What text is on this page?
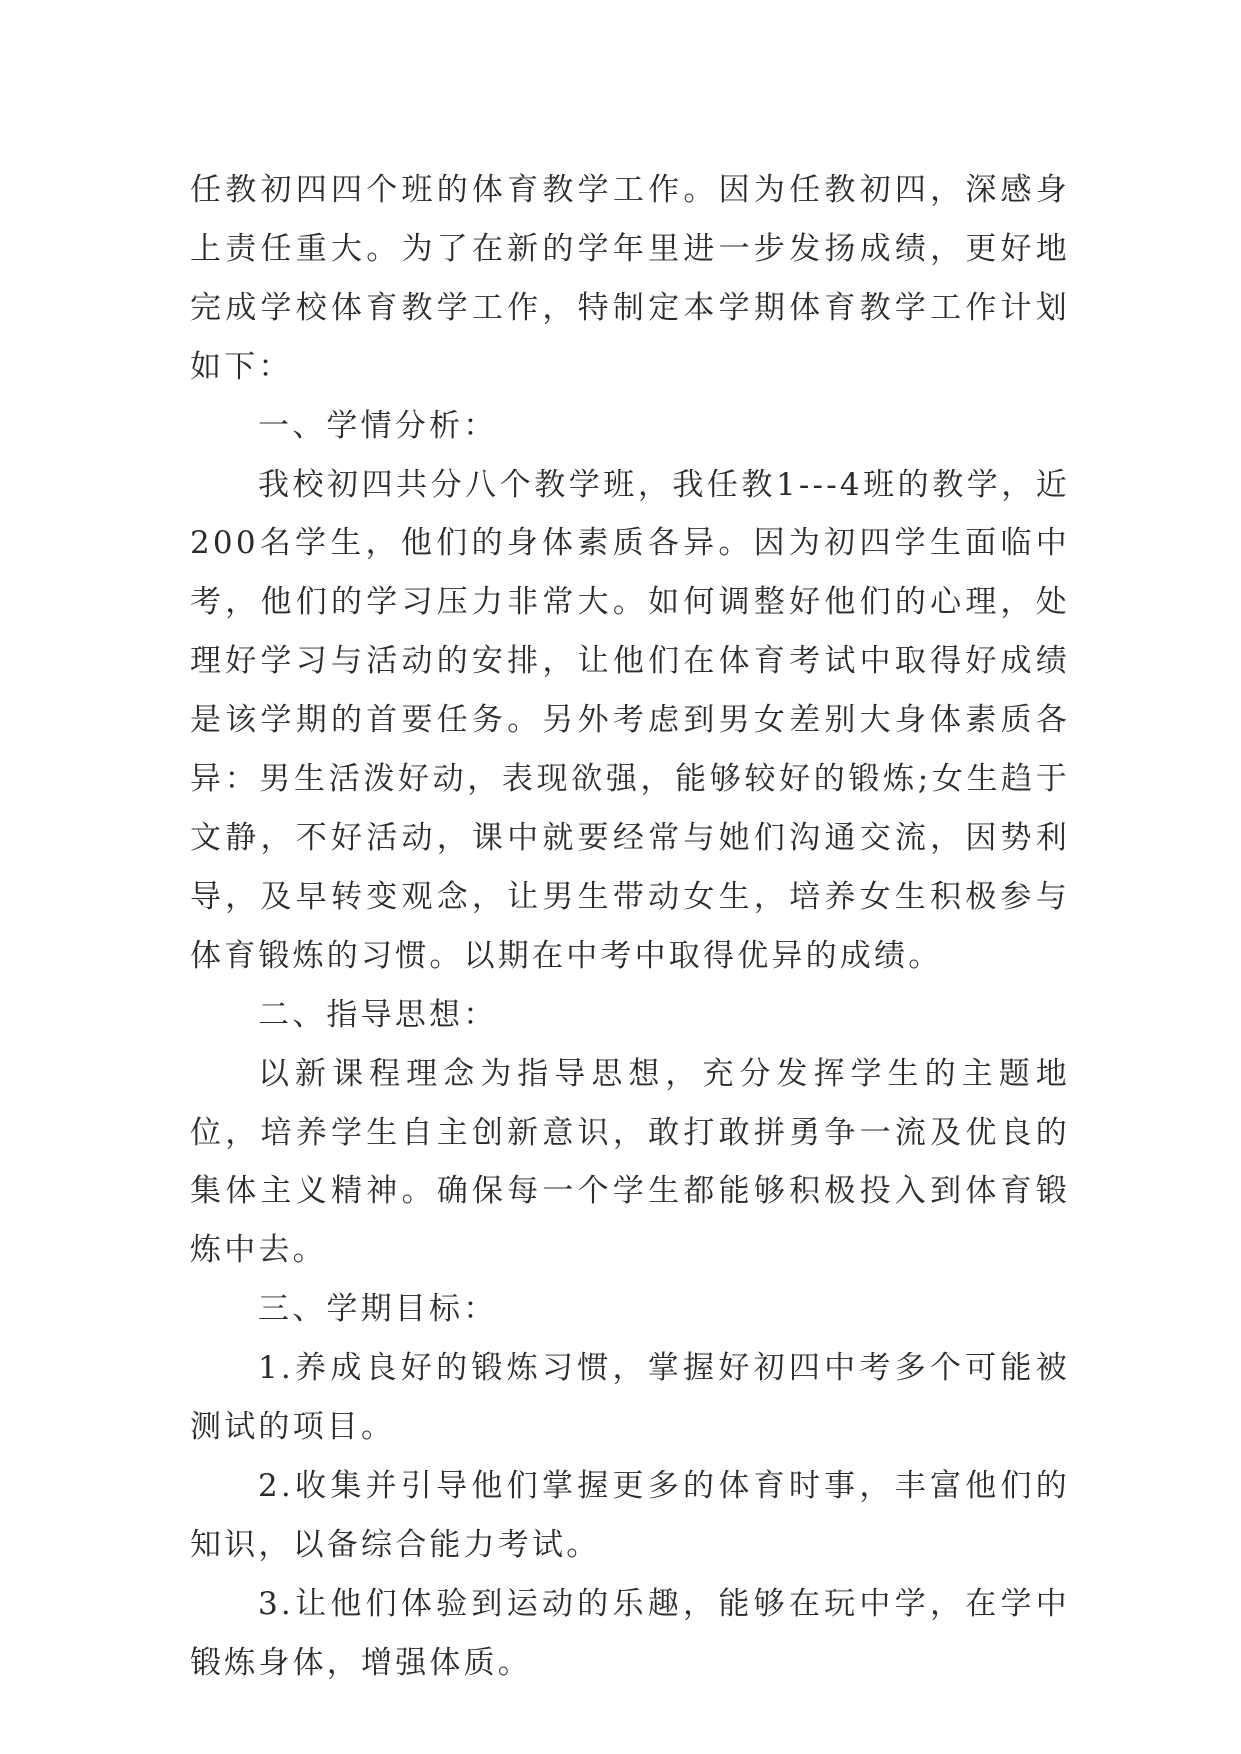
任教初四四个班的体育教学工作。因为任教初四，深感身上责任重大。为了在新的学年里进一步发扬成绩，更好地完成学校体育教学工作，特制定本学期体育教学工作计划如下：

一、学情分析：

我校初四共分八个教学班，我任教1---4班的教学，近200名学生，他们的身体素质各异。因为初四学生面临中考，他们的学习压力非常大。如何调整好他们的心理，处理好学习与活动的安排，让他们在体育考试中取得好成绩是该学期的首要任务。另外考虑到男女差别大身体素质各异：男生活泼好动，表现欲强，能够较好的锻炼;女生趋于文静，不好活动，课中就要经常与她们沟通交流，因势利导，及早转变观念，让男生带动女生，培养女生积极参与体育锻炼的习惯。以期在中考中取得优异的成绩。

二、指导思想：

以新课程理念为指导思想，充分发挥学生的主题地位，培养学生自主创新意识，敢打敢拼勇争一流及优良的集体主义精神。确保每一个学生都能够积极投入到体育锻炼中去。

三、学期目标：

1.养成良好的锻炼习惯，掌握好初四中考多个可能被测试的项目。

2.收集并引导他们掌握更多的体育时事，丰富他们的知识，以备综合能力考试。

3.让他们体验到运动的乐趣，能够在玩中学，在学中锻炼身体，增强体质。
